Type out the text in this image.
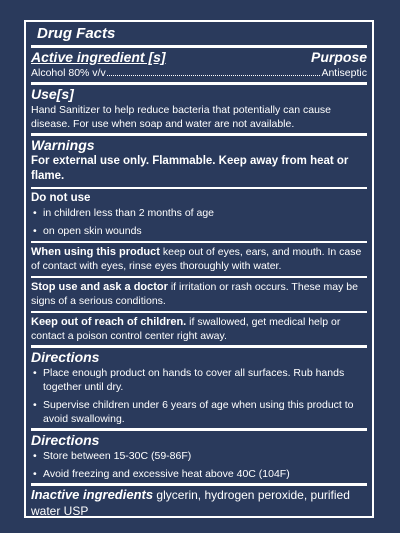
Drug Facts
Active ingredient [s]	Purpose
Alcohol 80% v/v	Antiseptic
Use[s]
Hand Sanitizer to help reduce bacteria that potentially can cause disease. For use when soap and water are not available.
Warnings
For external use only. Flammable. Keep away from heat or flame.
Do not use
• in children less than 2 months of age
• on open skin wounds
When using this product keep out of eyes, ears, and mouth. In case of contact with eyes, rinse eyes thoroughly with water.
Stop use and ask a doctor if irritation or rash occurs. These may be signs of a serious conditions.
Keep out of reach of children. if swallowed, get medical help or contact a poison control center right away.
Directions
• Place enough product on hands to cover all surfaces. Rub hands together until dry.
• Supervise children under 6 years of age when using this product to avoid swallowing.
Directions
• Store between 15-30C (59-86F)
• Avoid freezing and excessive heat above 40C (104F)
Inactive ingredients glycerin, hydrogen peroxide, purified water USP
